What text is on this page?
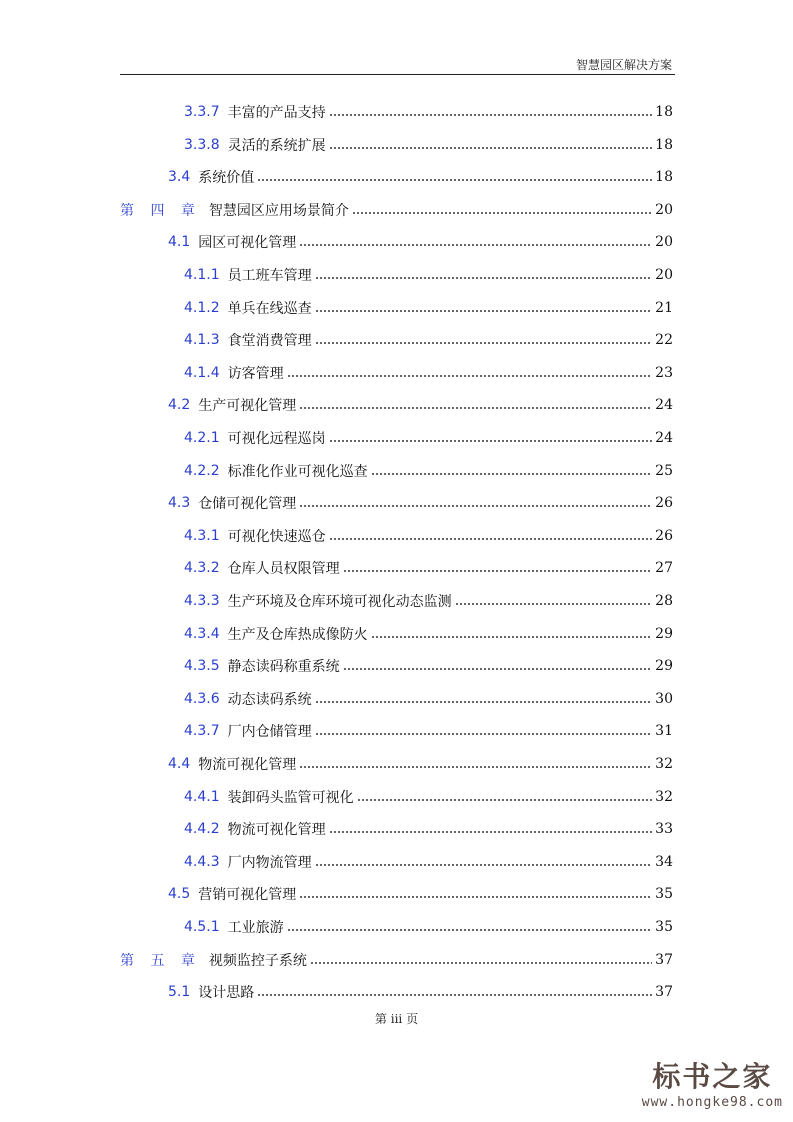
智慧园区解决方案
3.3.7 丰富的产品支持	18
3.3.8 灵活的系统扩展	18
3.4 系统价值	18
第 四 章 智慧园区应用场景简介	20
4.1 园区可视化管理	20
4.1.1 员工班车管理	20
4.1.2 单兵在线巡查	21
4.1.3 食堂消费管理	22
4.1.4 访客管理	23
4.2 生产可视化管理	24
4.2.1 可视化远程巡岗	24
4.2.2 标准化作业可视化巡查	25
4.3 仓储可视化管理	26
4.3.1 可视化快速巡仓	26
4.3.2 仓库人员权限管理	27
4.3.3 生产环境及仓库环境可视化动态监测	28
4.3.4 生产及仓库热成像防火	29
4.3.5 静态读码称重系统	29
4.3.6 动态读码系统	30
4.3.7 厂内仓储管理	31
4.4 物流可视化管理	32
4.4.1 装卸码头监管可视化	32
4.4.2 物流可视化管理	33
4.4.3 厂内物流管理	34
4.5 营销可视化管理	35
4.5.1 工业旅游	35
第 五 章 视频监控子系统	37
5.1 设计思路	37
第 iii 页
标书之家
www.hongke98.com
